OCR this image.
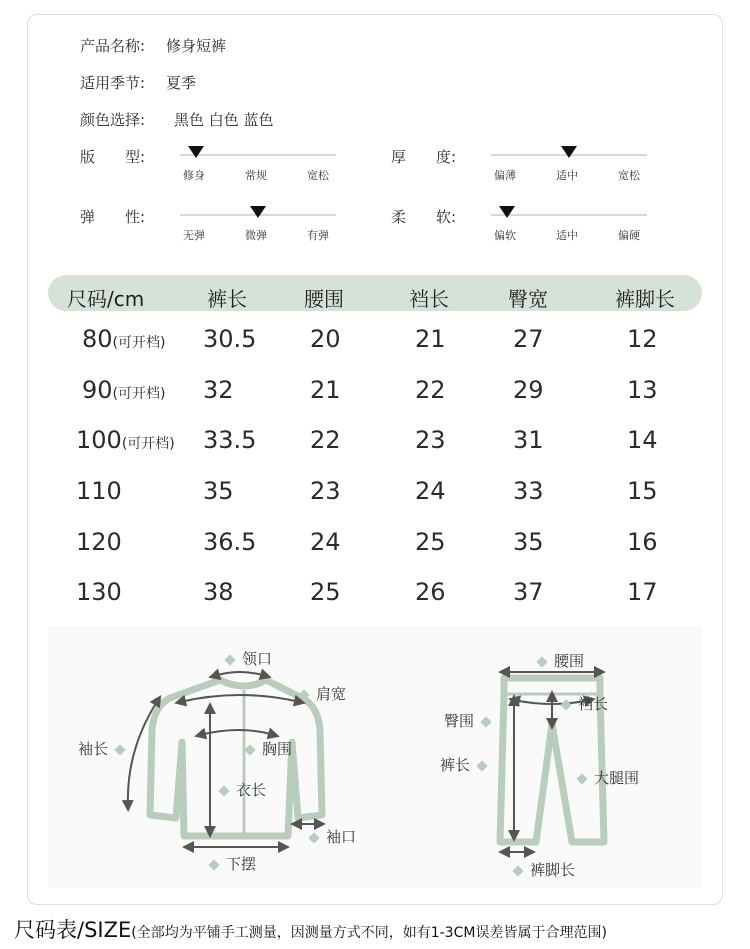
产品名称: 修身短裤
适用季节: 夏季
颜色选择: 黑色 白色 蓝色
版　　型:
修身	常规	宽松
厚　　度:
偏薄	适中	宽松
弹　　性:
无弹	微弹	有弹
柔　　软:
偏软	适中	偏硬
尺码/cm	裤长	腰围	裆长	臀宽	裤脚长
80(可开档) 30.5 20	21	27	12
90(可开档) 32	21	22	29	13
100(可开档) 33.5 22	23	31	14
110	35	23	24	33	15
120	36.5 24	25	35	16
130	38	25	26	37	17
领口
肩宽
袖长	胸围
衣长
袖口
下摆
腰围
裆长
臀围
裤长
大腿围
裤脚长
尺码表/SIZE(全部均为平铺手工测量，因测量方式不同，如有1-3CM误差皆属于合理范围)
